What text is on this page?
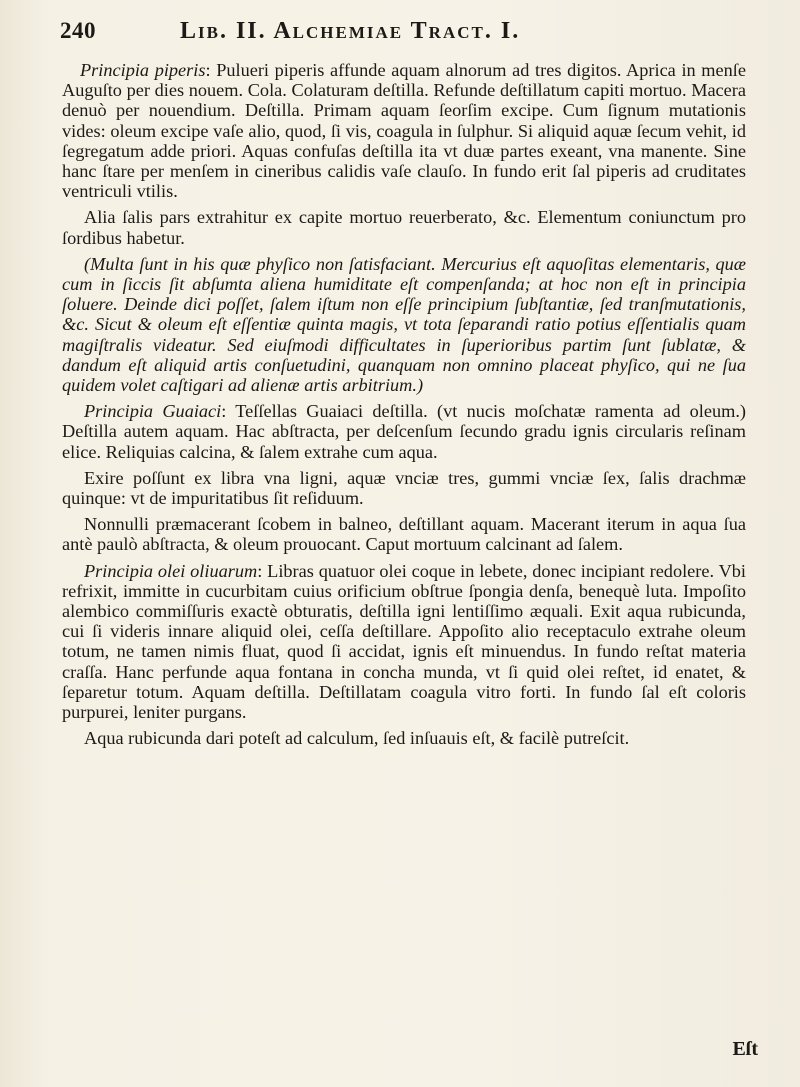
240	Lib. II. Alchemiae Tract. I.

Principia piperis: Pulueri piperis affunde aquam alnorum ad tres digitos. Aprica in menſe Auguſto per dies nouem. Cola. Colaturam deſtilla. Refunde deſtillatum capiti mortuo. Macera denuò per nouendium. Deſtilla. Primam aquam ſeorſim excipe. Cum ſignum mutationis vides: oleum excipe vaſe alio, quod, ſi vis, coagula in ſulphur. Si aliquid aquæ ſecum vehit, id ſegregatum adde priori. Aquas confuſas deſtilla ita vt duæ partes exeant, vna manente. Sine hanc ſtare per menſem in cineribus calidis vaſe clauſo. In fundo erit ſal piperis ad cruditates ventriculi vtilis.

Alia ſalis pars extrahitur ex capite mortuo reuerberato, &c. Elementum coniunctum pro ſordibus habetur.

(Multa ſunt in his quæ phyſico non ſatisfaciant. Mercurius eſt aquoſitas elementaris, quæ cum in ſiccis ſit abſumta aliena humiditate eſt compenſanda; at hoc non eſt in principia ſoluere. Deinde dici poſſet, ſalem iſtum non eſſe principium ſubſtantiæ, ſed tranſmutationis, &c. Sicut & oleum eſt eſſentiæ quinta magis, vt tota ſeparandi ratio potius eſſentialis quam magiſtralis videatur. Sed eiuſmodi difficultates in ſuperioribus partim ſunt ſublatæ, & dandum eſt aliquid artis conſuetudini, quanquam non omnino placeat phyſico, qui ne ſua quidem volet caſtigari ad alienæ artis arbitrium.)

Principia Guaiaci: Teſſellas Guaiaci deſtilla. (vt nucis moſchatæ ramenta ad oleum.) Deſtilla autem aquam. Hac abſtracta, per deſcenſum ſecundo gradu ignis circularis reſinam elice. Reliquias calcina, & ſalem extrahe cum aqua.

Exire poſſunt ex libra vna ligni, aquæ vnciæ tres, gummi vnciæ ſex, ſalis drachmæ quinque: vt de impuritatibus ſit reſiduum.

Nonnulli præmacerant ſcobem in balneo, deſtillant aquam. Macerant iterum in aqua ſua antè paulò abſtracta, & oleum prouocant. Caput mortuum calcinant ad ſalem.

Principia olei oliuarum: Libras quatuor olei coque in lebete, donec incipiant redolere. Vbi refrixit, immitte in cucurbitam cuius orificium obſtrue ſpongia denſa, benequè luta. Impoſito alembico commiſſuris exactè obturatis, deſtilla igni lentiſſimo æquali. Exit aqua rubicunda, cui ſi videris innare aliquid olei, ceſſa deſtillare. Appoſito alio receptaculo extrahe oleum totum, ne tamen nimis fluat, quod ſi accidat, ignis eſt minuendus. In fundo reſtat materia craſſa. Hanc perfunde aqua fontana in concha munda, vt ſi quid olei reſtet, id enatet, & ſeparetur totum. Aquam deſtilla. Deſtillatam coagula vitro forti. In fundo ſal eſt coloris purpurei, leniter purgans.

Aqua rubicunda dari poteſt ad calculum, ſed inſuauis eſt, & facilè putreſcit.

Eſt
